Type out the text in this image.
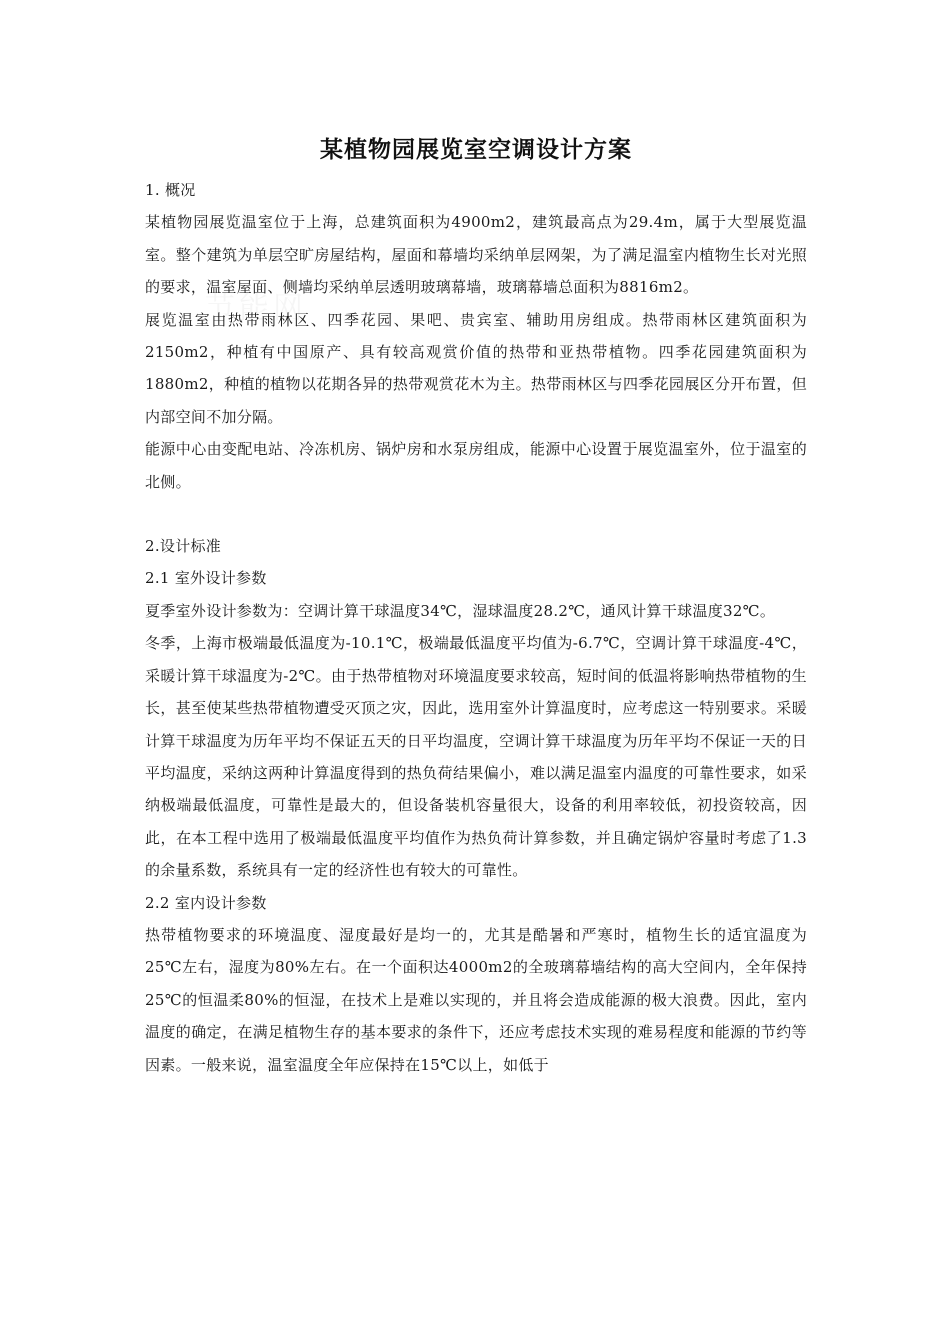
某植物园展览室空调设计方案

1. 概况

某植物园展览温室位于上海，总建筑面积为4900m2，建筑最高点为29.4m，属于大型展览温室。整个建筑为单层空旷房屋结构，屋面和幕墙均采纳单层网架，为了满足温室内植物生长对光照的要求，温室屋面、侧墙均采纳单层透明玻璃幕墙，玻璃幕墙总面积为8816m2。

展览温室由热带雨林区、四季花园、果吧、贵宾室、辅助用房组成。热带雨林区建筑面积为2150m2，种植有中国原产、具有较高观赏价值的热带和亚热带植物。四季花园建筑面积为1880m2，种植的植物以花期各异的热带观赏花木为主。热带雨林区与四季花园展区分开布置，但内部空间不加分隔。

能源中心由变配电站、冷冻机房、锅炉房和水泵房组成，能源中心设置于展览温室外，位于温室的北侧。

2.设计标准

2.1 室外设计参数

夏季室外设计参数为：空调计算干球温度34℃，湿球温度28.2℃，通风计算干球温度32℃。

冬季，上海市极端最低温度为-10.1℃，极端最低温度平均值为-6.7℃，空调计算干球温度-4℃，采暖计算干球温度为-2℃。由于热带植物对环境温度要求较高，短时间的低温将影响热带植物的生长，甚至使某些热带植物遭受灭顶之灾，因此，选用室外计算温度时，应考虑这一特别要求。采暖计算干球温度为历年平均不保证五天的日平均温度，空调计算干球温度为历年平均不保证一天的日平均温度，采纳这两种计算温度得到的热负荷结果偏小，难以满足温室内温度的可靠性要求，如采纳极端最低温度，可靠性是最大的，但设备装机容量很大，设备的利用率较低，初投资较高，因此，在本工程中选用了极端最低温度平均值作为热负荷计算参数，并且确定锅炉容量时考虑了1.3的余量系数，系统具有一定的经济性也有较大的可靠性。

2.2 室内设计参数

热带植物要求的环境温度、湿度最好是均一的，尤其是酷暑和严寒时，植物生长的适宜温度为25℃左右，湿度为80%左右。在一个面积达4000m2的全玻璃幕墙结构的高大空间内，全年保持25℃的恒温柔80%的恒湿，在技术上是难以实现的，并且将会造成能源的极大浪费。因此，室内温度的确定，在满足植物生存的基本要求的条件下，还应考虑技术实现的难易程度和能源的节约等因素。一般来说，温室温度全年应保持在15℃以上，如低于
